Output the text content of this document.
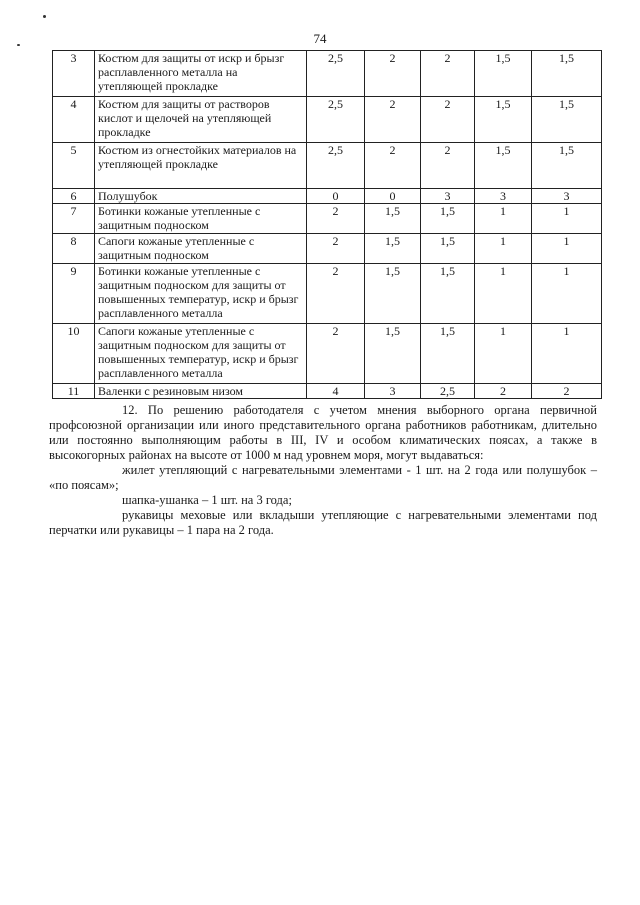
74
3	Костюм для защиты от искр и брызг расплавленного металла на утепляющей прокладке	2,5	2	2	1,5	1,5
4	Костюм для защиты от растворов кислот и щелочей на утепляющей прокладке	2,5	2	2	1,5	1,5
5	Костюм из огнестойких материалов на утепляющей прокладке	2,5	2	2	1,5	1,5
6	Полушубок	0	0	3	3	3
7	Ботинки кожаные утепленные с защитным подноском	2	1,5	1,5	1	1
8	Сапоги кожаные утепленные с защитным подноском	2	1,5	1,5	1	1
9	Ботинки кожаные утепленные с защитным подноском для защиты от повышенных температур, искр и брызг расплавленного металла	2	1,5	1,5	1	1
10	Сапоги кожаные утепленные с защитным подноском для защиты от повышенных температур, искр и брызг расплавленного металла	2	1,5	1,5	1	1
11	Валенки с резиновым низом	4	3	2,5	2	2

12. По решению работодателя с учетом мнения выборного органа первичной профсоюзной организации или иного представительного органа работников работникам, длительно или постоянно выполняющим работы в III, IV и особом климатических поясах, а также в высокогорных районах на высоте от 1000 м над уровнем моря, могут выдаваться:

жилет утепляющий с нагревательными элементами - 1 шт. на 2 года или полушубок – «по поясам»;

шапка-ушанка – 1 шт. на 3 года;

рукавицы меховые или вкладыши утепляющие с нагревательными элементами под перчатки или рукавицы – 1 пара на 2 года.
